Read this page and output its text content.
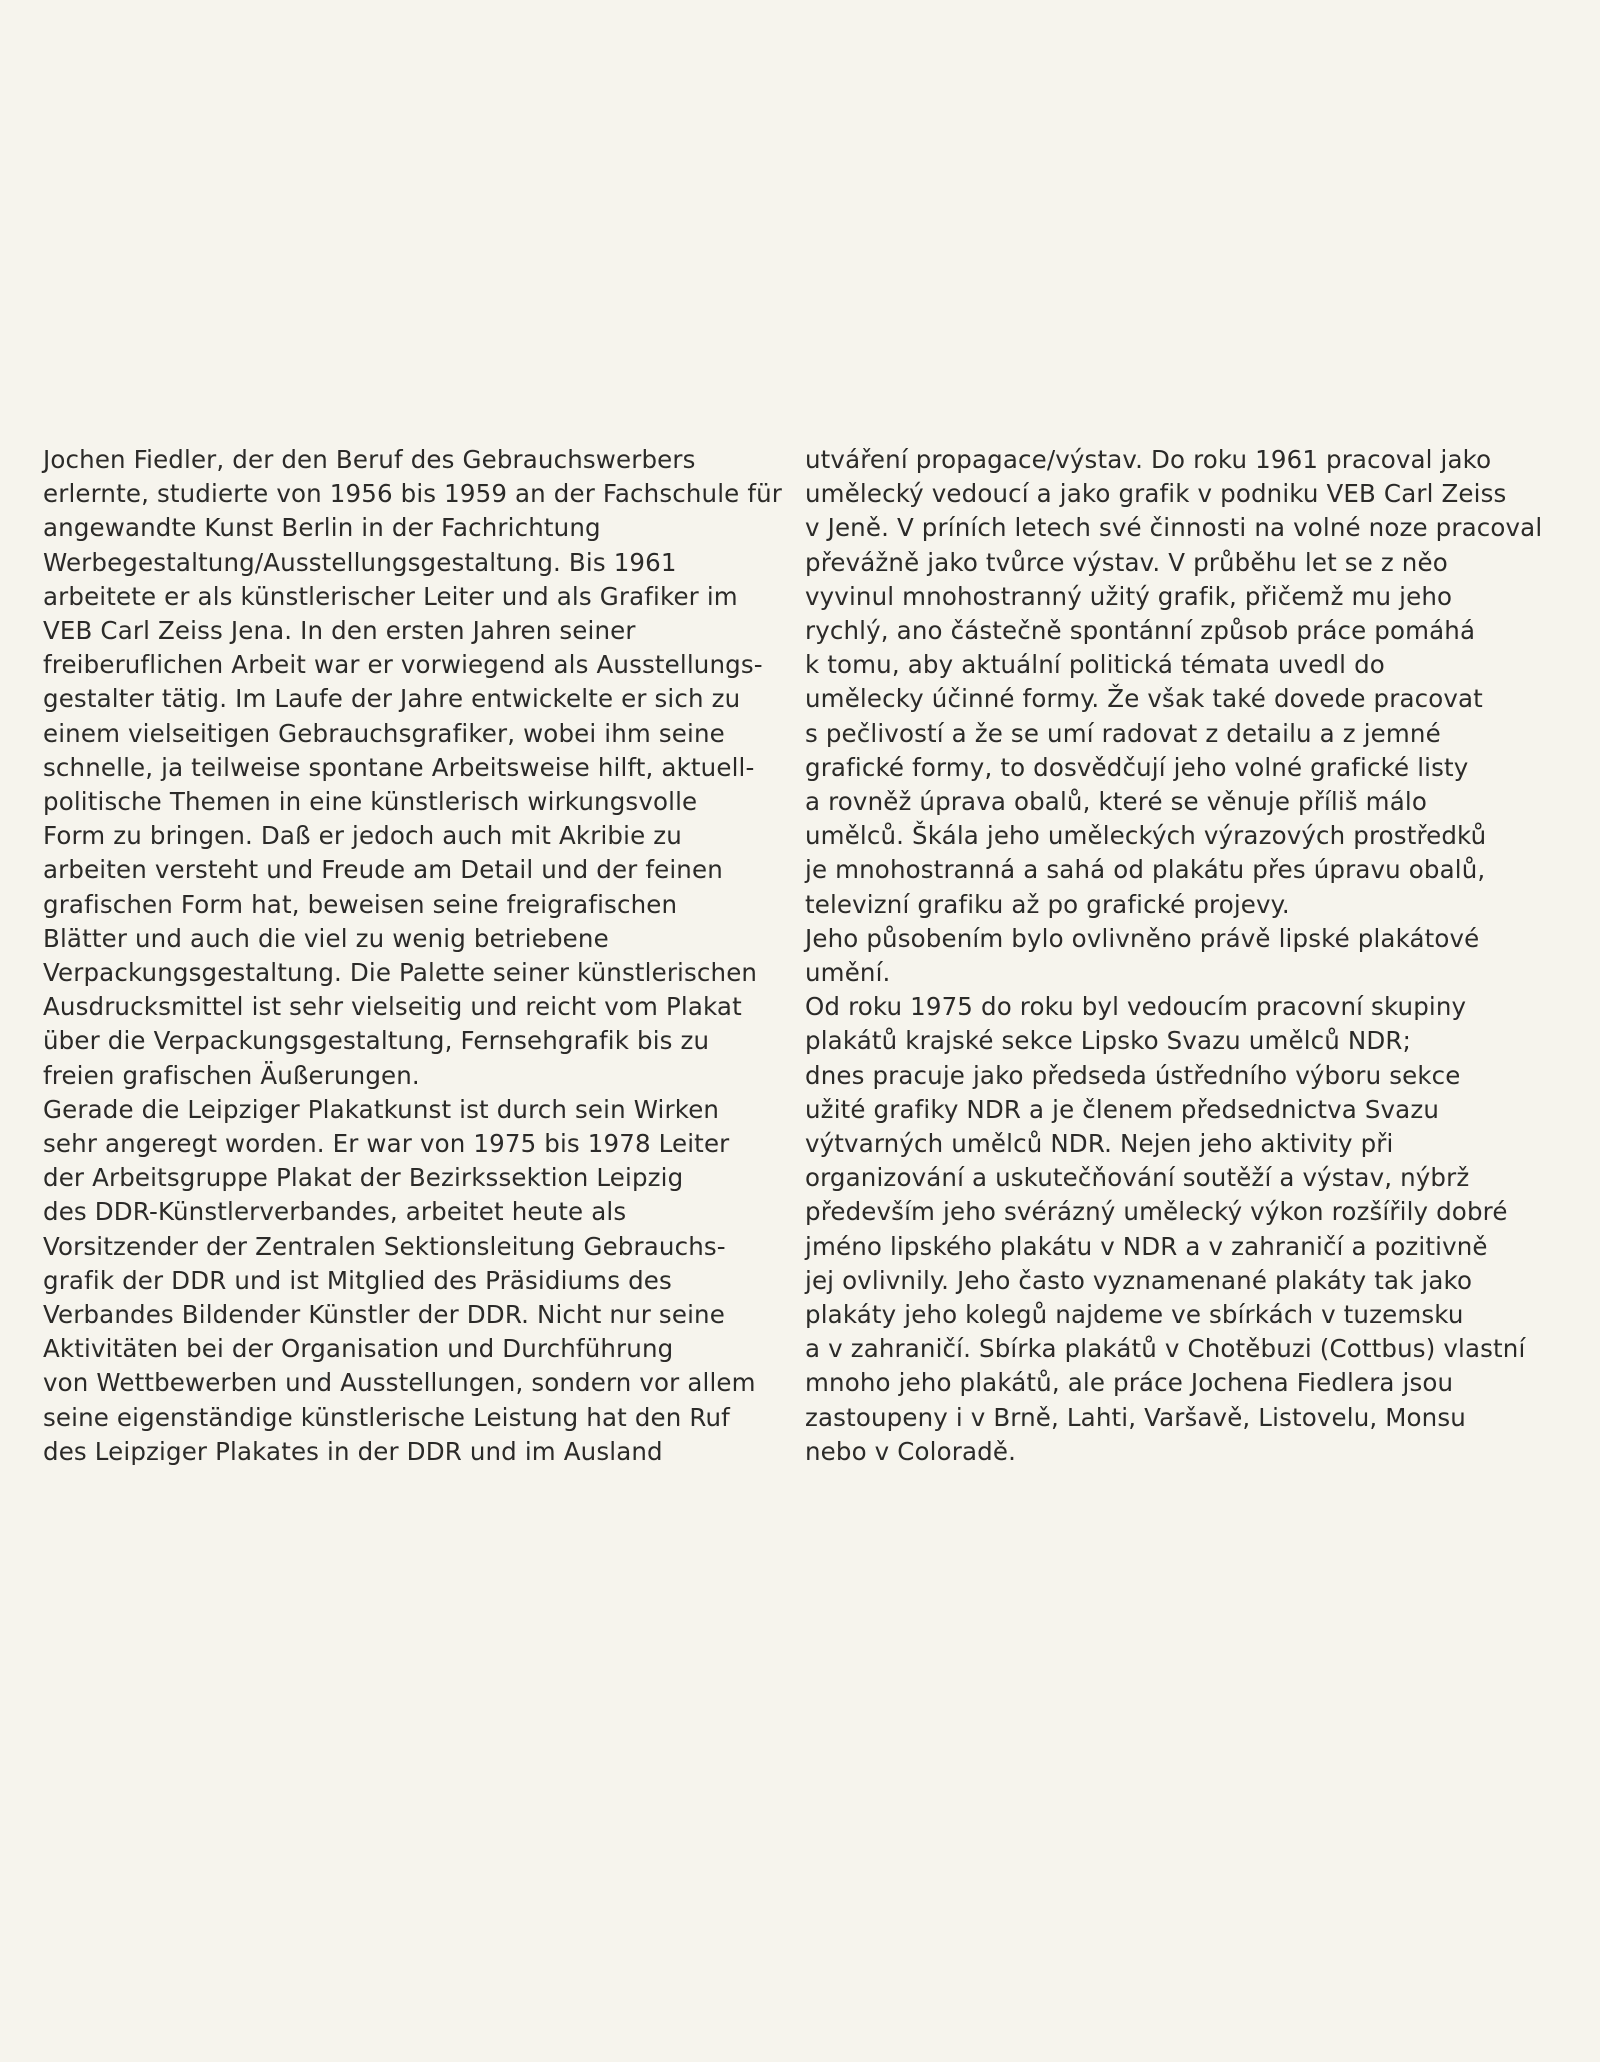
Jochen Fiedler, der den Beruf des Gebrauchswerbers
erlernte, studierte von 1956 bis 1959 an der Fachschule für
angewandte Kunst Berlin in der Fachrichtung
Werbegestaltung/Ausstellungsgestaltung. Bis 1961
arbeitete er als künstlerischer Leiter und als Grafiker im
VEB Carl Zeiss Jena. In den ersten Jahren seiner
freiberuflichen Arbeit war er vorwiegend als Ausstellungs-
gestalter tätig. Im Laufe der Jahre entwickelte er sich zu
einem vielseitigen Gebrauchsgrafiker, wobei ihm seine
schnelle, ja teilweise spontane Arbeitsweise hilft, aktuell-
politische Themen in eine künstlerisch wirkungsvolle
Form zu bringen. Daß er jedoch auch mit Akribie zu
arbeiten versteht und Freude am Detail und der feinen
grafischen Form hat, beweisen seine freigrafischen
Blätter und auch die viel zu wenig betriebene
Verpackungsgestaltung. Die Palette seiner künstlerischen
Ausdrucksmittel ist sehr vielseitig und reicht vom Plakat
über die Verpackungsgestaltung, Fernsehgrafik bis zu
freien grafischen Äußerungen.
Gerade die Leipziger Plakatkunst ist durch sein Wirken
sehr angeregt worden. Er war von 1975 bis 1978 Leiter
der Arbeitsgruppe Plakat der Bezirkssektion Leipzig
des DDR-Künstlerverbandes, arbeitet heute als
Vorsitzender der Zentralen Sektionsleitung Gebrauchs-
grafik der DDR und ist Mitglied des Präsidiums des
Verbandes Bildender Künstler der DDR. Nicht nur seine
Aktivitäten bei der Organisation und Durchführung
von Wettbewerben und Ausstellungen, sondern vor allem
seine eigenständige künstlerische Leistung hat den Ruf
des Leipziger Plakates in der DDR und im Ausland
utváření propagace/výstav. Do roku 1961 pracoval jako
umělecký vedoucí a jako grafik v podniku VEB Carl Zeiss
v Jeně. V príních letech své činnosti na volné noze pracoval
převážně jako tvůrce výstav. V průběhu let se z něo
vyvinul mnohostranný užitý grafik, přičemž mu jeho
rychlý, ano částečně spontánní způsob práce pomáhá
k tomu, aby aktuální politická témata uvedl do
umělecky účinné formy. Že však také dovede pracovat
s pečlivostí a že se umí radovat z detailu a z jemné
grafické formy, to dosvědčují jeho volné grafické listy
a rovněž úprava obalů, které se věnuje příliš málo
umělců. Škála jeho uměleckých výrazových prostředků
je mnohostranná a sahá od plakátu přes úpravu obalů,
televizní grafiku až po grafické projevy.
Jeho působením bylo ovlivněno právě lipské plakátové
umění.
Od roku 1975 do roku byl vedoucím pracovní skupiny
plakátů krajské sekce Lipsko Svazu umělců NDR;
dnes pracuje jako předseda ústředního výboru sekce
užité grafiky NDR a je členem předsednictva Svazu
výtvarných umělců NDR. Nejen jeho aktivity při
organizování a uskutečňování soutěží a výstav, nýbrž
především jeho svérázný umělecký výkon rozšířily dobré
jméno lipského plakátu v NDR a v zahraničí a pozitivně
jej ovlivnily. Jeho často vyznamenané plakáty tak jako
plakáty jeho kolegů najdeme ve sbírkách v tuzemsku
a v zahraničí. Sbírka plakátů v Chotěbuzi (Cottbus) vlastní
mnoho jeho plakátů, ale práce Jochena Fiedlera jsou
zastoupeny i v Brně, Lahti, Varšavě, Listovelu, Monsu
nebo v Coloradě.
